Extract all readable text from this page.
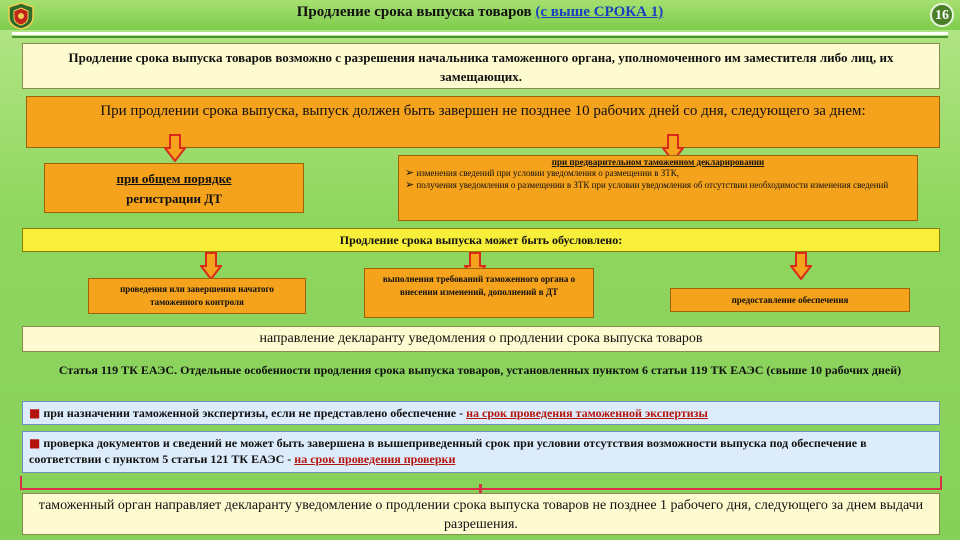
Продление срока выпуска товаров (с выше СРОКА 1)	16
Продление срока выпуска товаров возможно с разрешения начальника таможенного органа, уполномоченного им заместителя либо лиц, их замещающих.
При продлении срока выпуска, выпуск должен быть завершен не позднее 10 рабочих дней со дня, следующего за днем:
при общем порядке
регистрации ДТ
при предварительном таможенном декларировании
➢ изменения сведений при условии уведомления о размещении в ЗТК,
➢ получения уведомления о размещении в ЗТК при условии уведомления об отсутствии необходимости изменения сведений
Продление срока выпуска может быть обусловлено:
проведения или завершения начатого таможенного контроля
выполнения требований таможенного органа о внесении изменений, дополнений в ДТ
предоставление обеспечения
направление декларанту уведомления о продлении срока выпуска товаров
Статья 119 ТК ЕАЭС. Отдельные особенности продления срока выпуска товаров, установленных пунктом 6 статьи 119 ТК ЕАЭС (свыше 10 рабочих дней)
■ при назначении таможенной экспертизы, если не представлено обеспечение - на срок проведения таможенной экспертизы
■ проверка документов и сведений не может быть завершена в вышеприведенный срок при условии отсутствия возможности выпуска под обеспечение в соответствии с пунктом 5 статьи 121 ТК ЕАЭС - на срок проведения проверки
таможенный орган направляет декларанту уведомление о продлении срока выпуска товаров не позднее 1 рабочего дня, следующего за днем выдачи разрешения.
